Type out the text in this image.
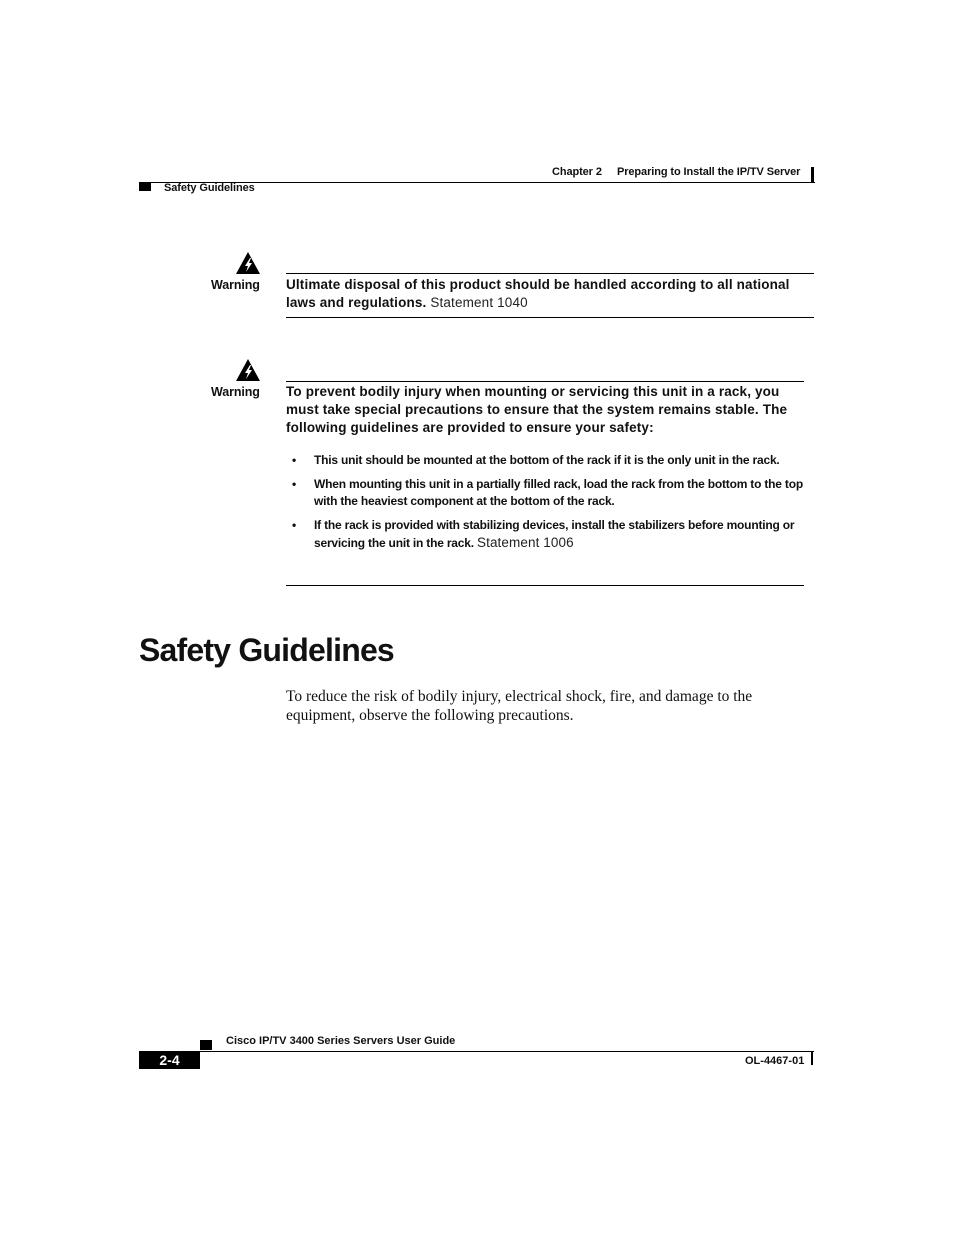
Chapter 2 Preparing to Install the IP/TV Server
Safety Guidelines
Warning Ultimate disposal of this product should be handled according to all national laws and regulations. Statement 1040
Warning To prevent bodily injury when mounting or servicing this unit in a rack, you must take special precautions to ensure that the system remains stable. The following guidelines are provided to ensure your safety:
• This unit should be mounted at the bottom of the rack if it is the only unit in the rack.
• When mounting this unit in a partially filled rack, load the rack from the bottom to the top with the heaviest component at the bottom of the rack.
• If the rack is provided with stabilizing devices, install the stabilizers before mounting or servicing the unit in the rack. Statement 1006
Safety Guidelines
To reduce the risk of bodily injury, electrical shock, fire, and damage to the equipment, observe the following precautions.
Cisco IP/TV 3400 Series Servers User Guide
2-4	OL-4467-01
